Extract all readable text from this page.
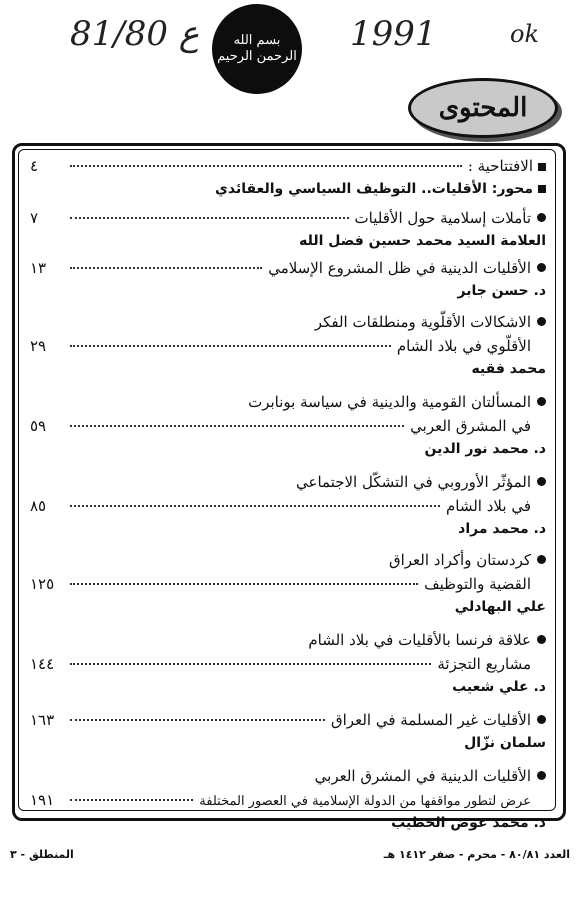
81/80 ع	1991	ok
بسم الله الرحمن الرحيم
المحتوى
الافتتاحية :
٤
محور: الأقليات.. التوظيف السياسي والعقائدي
تأملات إسلامية حول الأقليات
٧
العلامة السيد محمد حسين فضل الله
الأقليات الدينية في ظل المشروع الإسلامي
١٣
د. حسن جابر
الاشكالات الأقلّوية ومنطلقات الفكر
الأقلّوي في بلاد الشام
٢٩
محمد فقيه
المسألتان القومية والدينية في سياسة بونابرت
في المشرق العربي
٥٩
د. محمد نور الدين
المؤثّر الأوروبي في التشكّل الاجتماعي
في بلاد الشام
٨٥
د. محمد مراد
كردستان وأكراد العراق
القضية والتوظيف
١٢٥
علي البهادلي
علاقة فرنسا بالأقليات في بلاد الشام
مشاريع التجزئة
١٤٤
د. علي شعيب
الأقليات غير المسلمة في العراق
١٦٣
سلمان نزّال
الأقليات الدينية في المشرق العربي
عرض لتطور مواقفها من الدولة الإسلامية في العصور المختلفة
١٩١
د. محمد عوض الخطيب
العدد ٨٠/٨١ - محرم - صفر ١٤١٢ هـ
المنطلق - ٣
